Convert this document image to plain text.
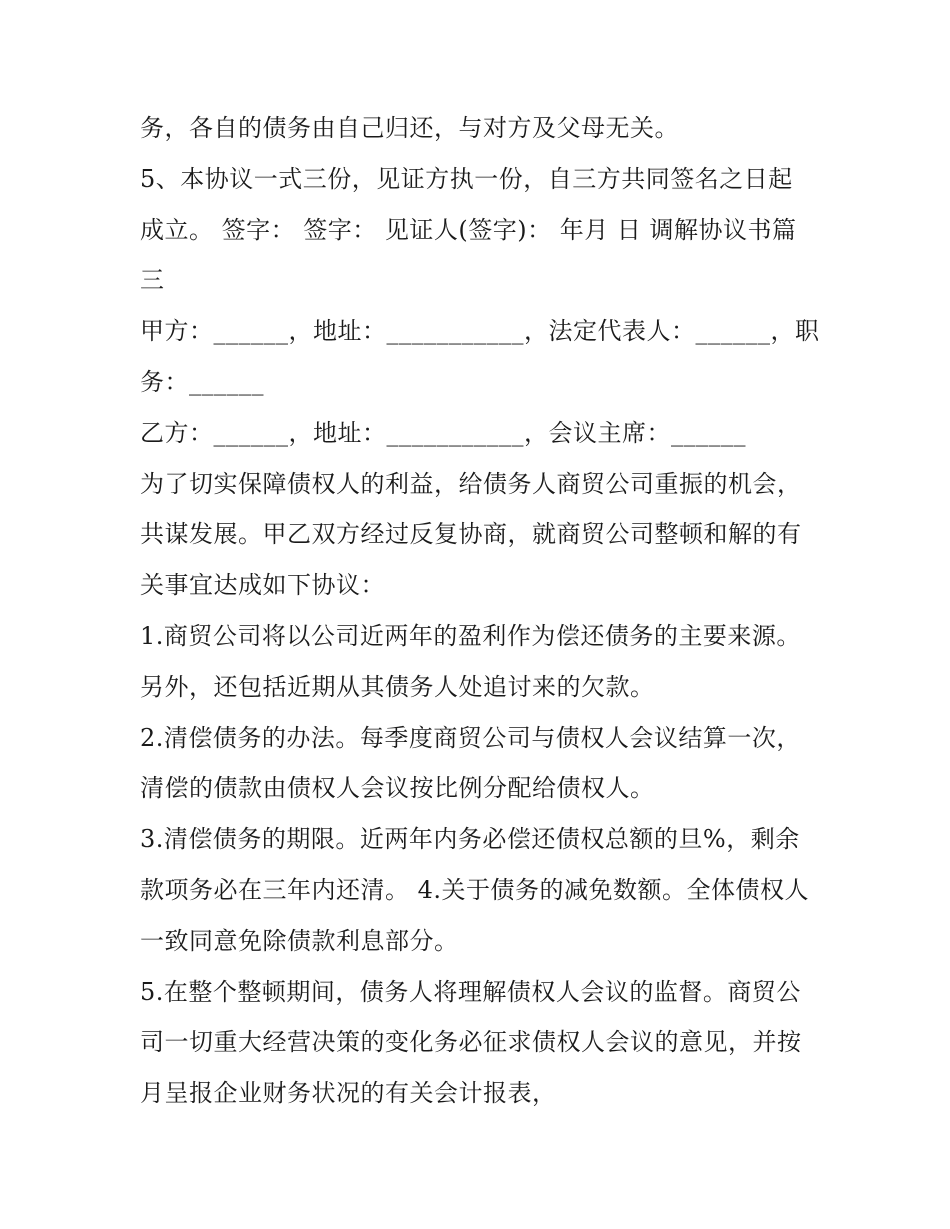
务，各自的债务由自己归还，与对方及父母无关。
5、本协议一式三份，见证方执一份，自三方共同签名之日起
成立。 签字： 签字： 见证人(签字)： 年月 日 调解协议书篇
三
甲方：______，地址：___________，法定代表人：______，职
务：______
乙方：______，地址：___________，会议主席：______
为了切实保障债权人的利益，给债务人商贸公司重振的机会，
共谋发展。甲乙双方经过反复协商，就商贸公司整顿和解的有
关事宜达成如下协议：
1.商贸公司将以公司近两年的盈利作为偿还债务的主要来源。
另外，还包括近期从其债务人处追讨来的欠款。
2.清偿债务的办法。每季度商贸公司与债权人会议结算一次，
清偿的债款由债权人会议按比例分配给债权人。
3.清偿债务的期限。近两年内务必偿还债权总额的旦%，剩余
款项务必在三年内还清。 4.关于债务的减免数额。全体债权人
一致同意免除债款利息部分。
5.在整个整顿期间，债务人将理解债权人会议的监督。商贸公
司一切重大经营决策的变化务必征求债权人会议的意见，并按
月呈报企业财务状况的有关会计报表，
